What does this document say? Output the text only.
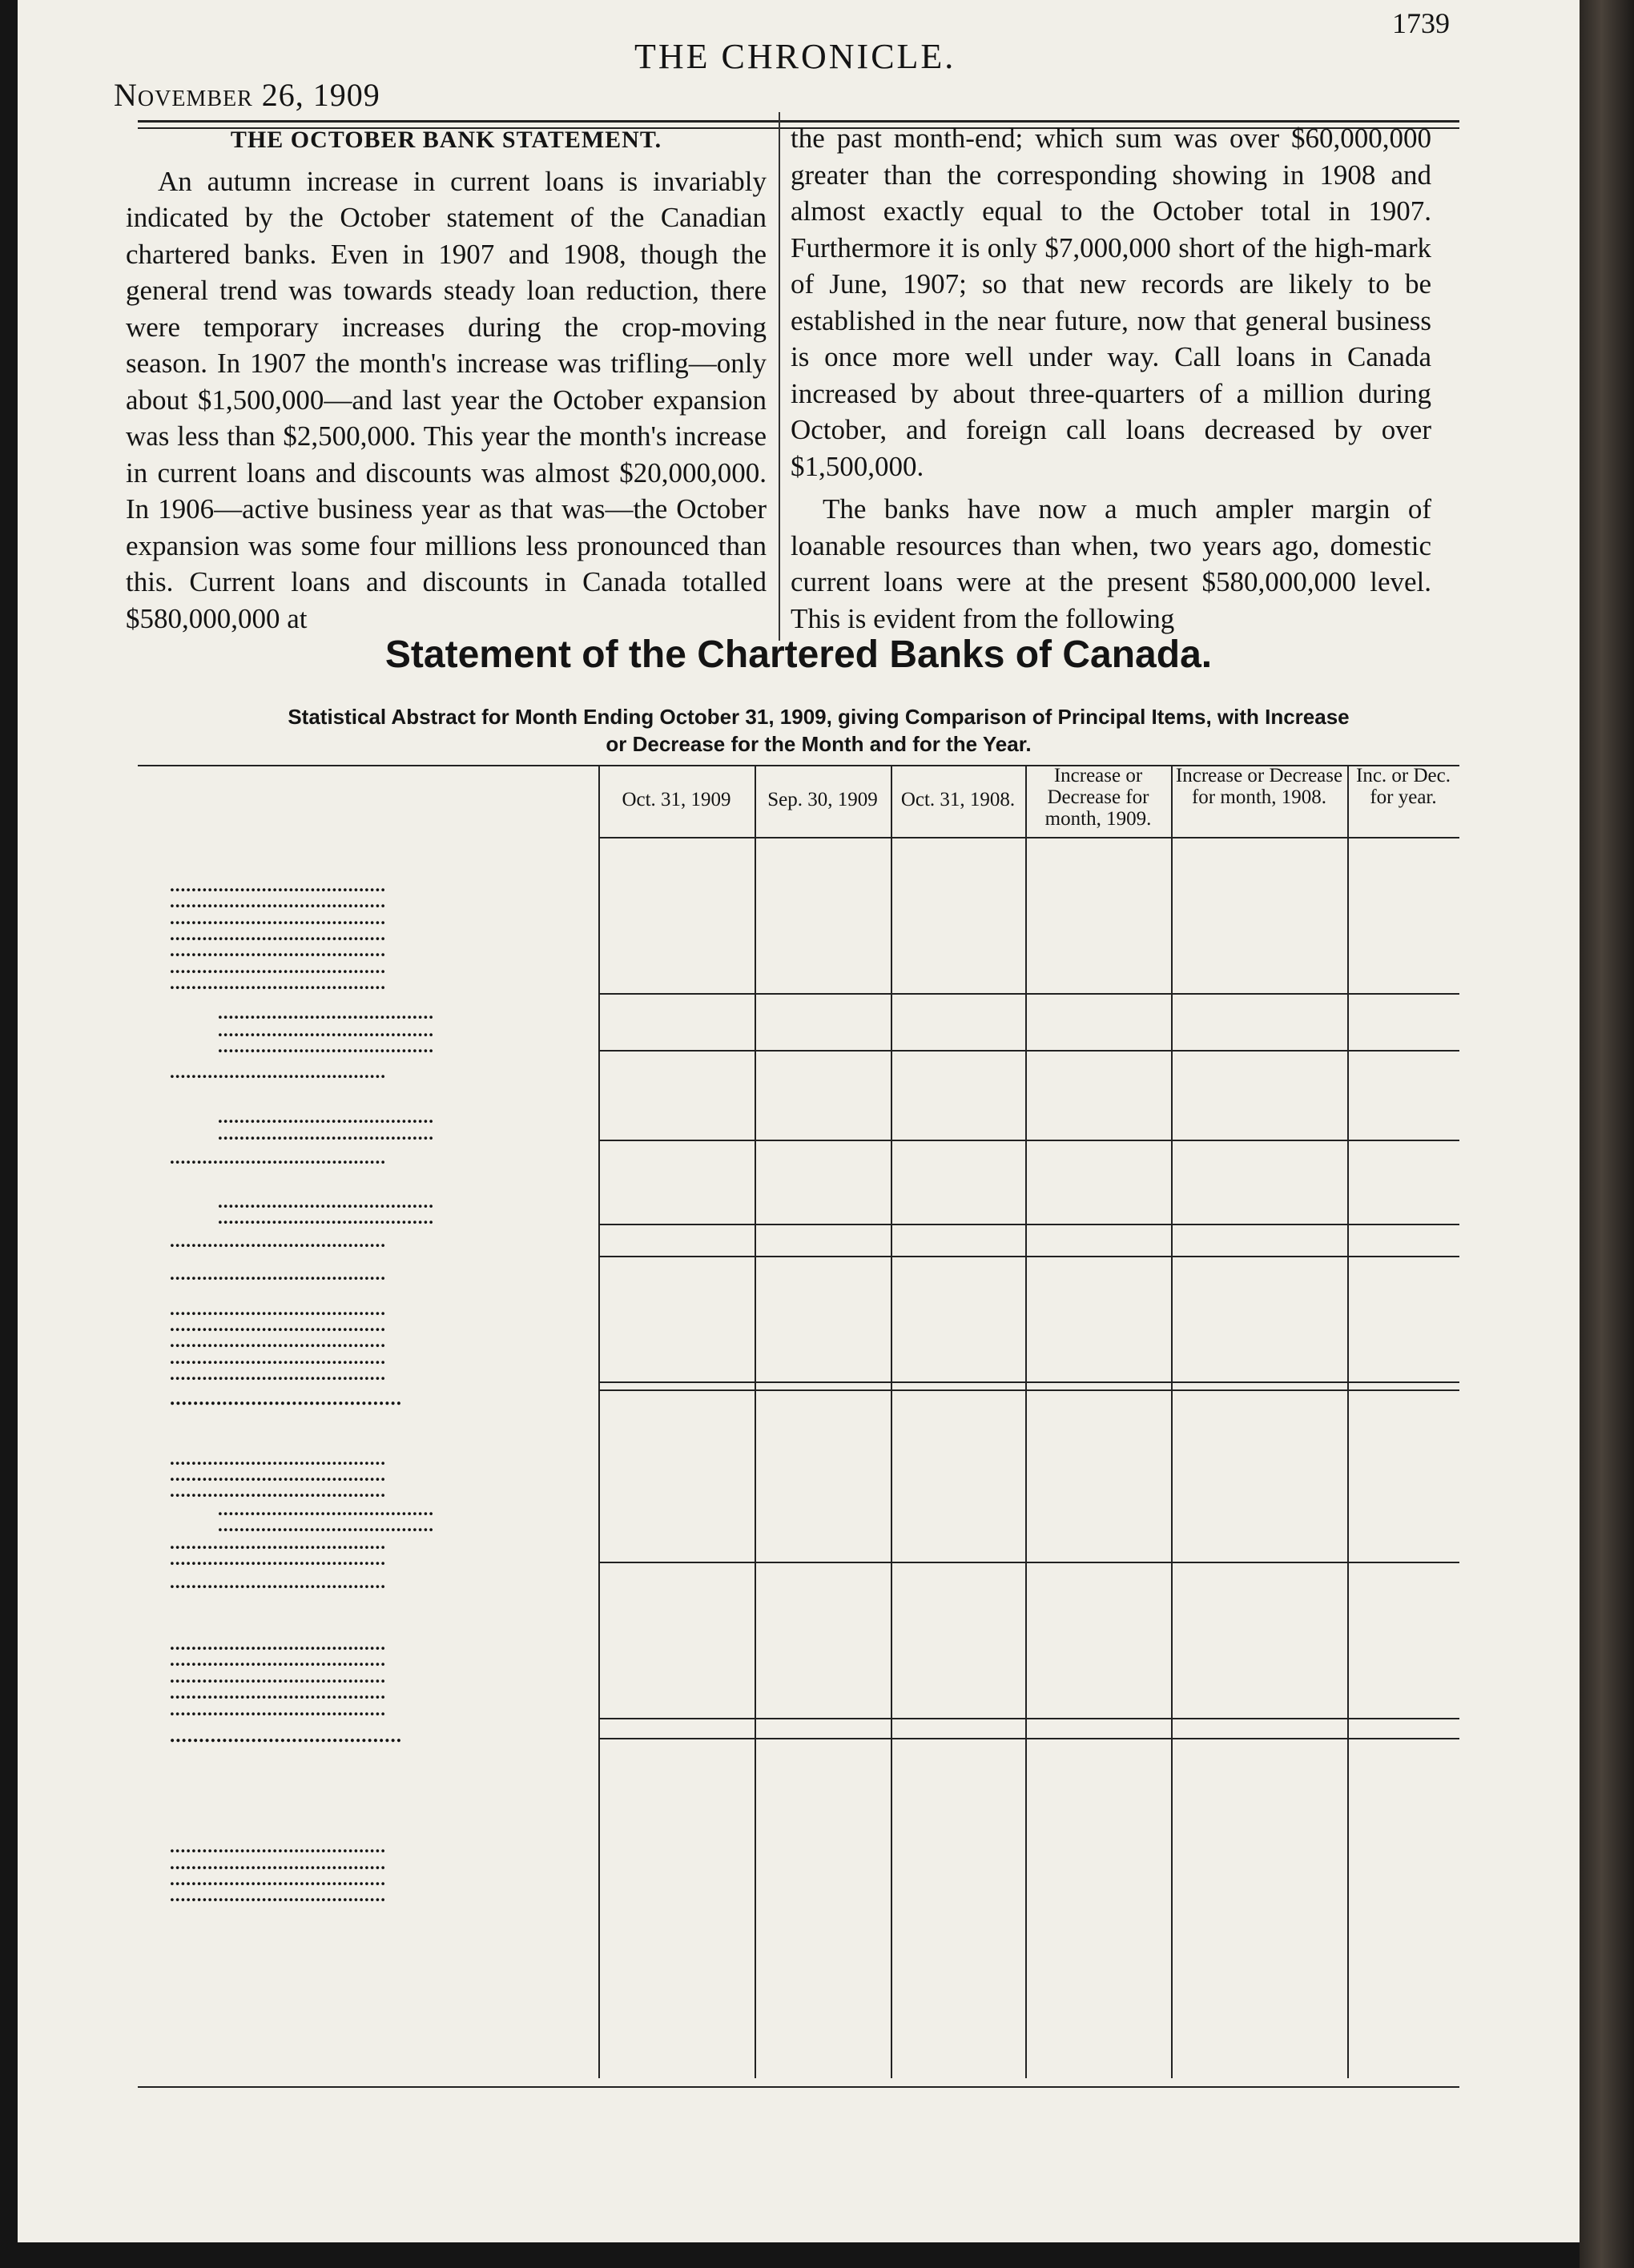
1739
THE CHRONICLE.
November 26, 1909
THE OCTOBER BANK STATEMENT.

An autumn increase in current loans is invariably indicated by the October statement of the Canadian chartered banks. Even in 1907 and 1908, though the general trend was towards steady loan reduction, there were temporary increases during the crop-moving season. In 1907 the month's increase was trifling—only about $1,500,000—and last year the October expansion was less than $2,500,000. This year the month's increase in current loans and discounts was almost $20,000,000. In 1906—active business year as that was—the October expansion was some four millions less pronounced than this. Current loans and discounts in Canada totalled $580,000,000 at

the past month-end; which sum was over $60,000,000 greater than the corresponding showing in 1908 and almost exactly equal to the October total in 1907. Furthermore it is only $7,000,000 short of the high-mark of June, 1907; so that new records are likely to be established in the near future, now that general business is once more well under way. Call loans in Canada increased by about three-quarters of a million during October, and foreign call loans decreased by over $1,500,000.

The banks have now a much ampler margin of loanable resources than when, two years ago, domestic current loans were at the present $580,000,000 level. This is evident from the following

Statement of the Chartered Banks of Canada.
Statistical Abstract for Month Ending October 31, 1909, giving Comparison of Principal Items, with Increase
or Decrease for the Month and for the Year.
Oct. 31, 1909	Sep. 30, 1909	Oct. 31, 1908.
Increase or Decrease for month, 1909.
Increase or Decrease for month, 1908.
Inc. or Dec. for year.
........................................
........................................
........................................
........................................
........................................
........................................
........................................
........................................
........................................
........................................
........................................
........................................
........................................
........................................
........................................
........................................
........................................
........................................
........................................
........................................
........................................
........................................
........................................
........................................
........................................
........................................
........................................
........................................
........................................
........................................
........................................
........................................
........................................
........................................
........................................
........................................
........................................
........................................
........................................
........................................
........................................
........................................
